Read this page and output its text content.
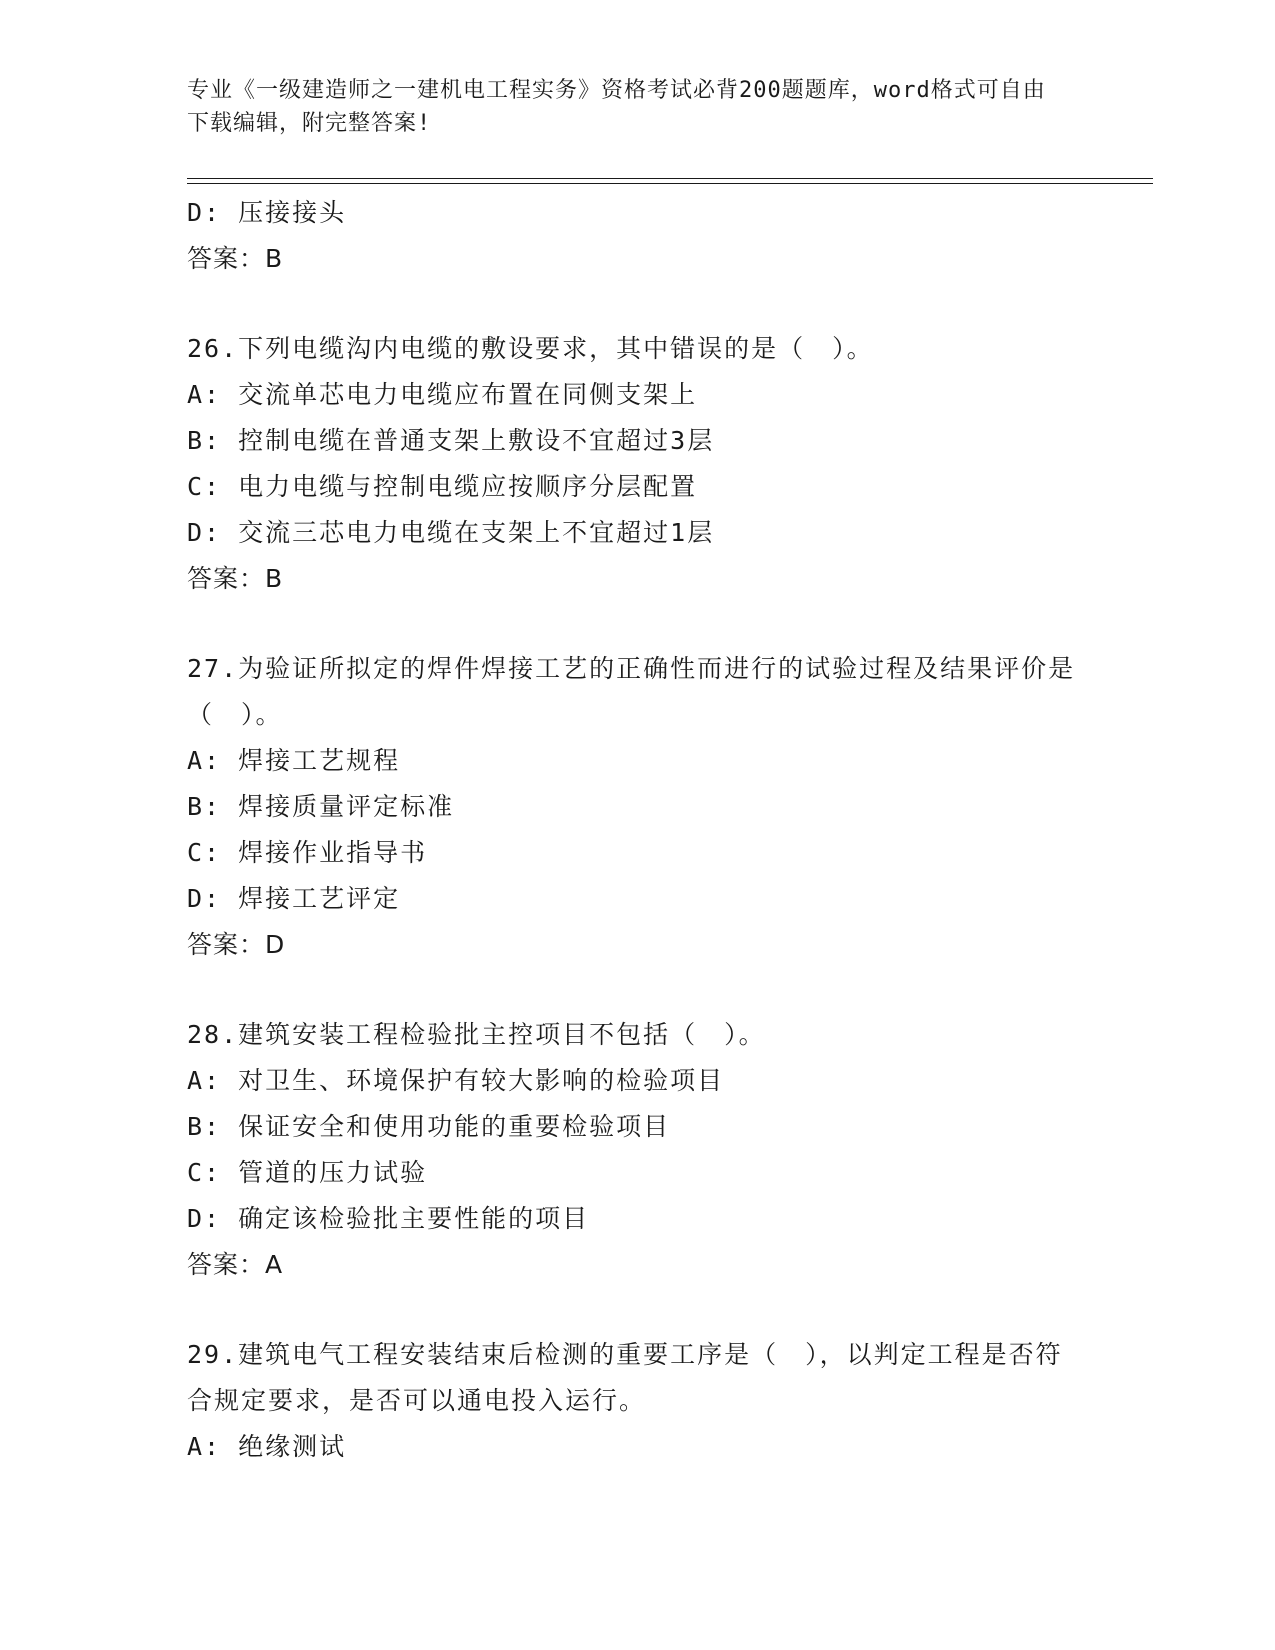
专业《一级建造师之一建机电工程实务》资格考试必背200题题库，word格式可自由下载编辑，附完整答案!
D: 压接接头
答案：B
26.下列电缆沟内电缆的敷设要求，其中错误的是（　）。
A: 交流单芯电力电缆应布置在同侧支架上
B: 控制电缆在普通支架上敷设不宜超过3层
C: 电力电缆与控制电缆应按顺序分层配置
D: 交流三芯电力电缆在支架上不宜超过1层
答案：B
27.为验证所拟定的焊件焊接工艺的正确性而进行的试验过程及结果评价是（　）。
A: 焊接工艺规程
B: 焊接质量评定标准
C: 焊接作业指导书
D: 焊接工艺评定
答案：D
28.建筑安装工程检验批主控项目不包括（　）。
A: 对卫生、环境保护有较大影响的检验项目
B: 保证安全和使用功能的重要检验项目
C: 管道的压力试验
D: 确定该检验批主要性能的项目
答案：A
29.建筑电气工程安装结束后检测的重要工序是（　），以判定工程是否符合规定要求，是否可以通电投入运行。
A: 绝缘测试
